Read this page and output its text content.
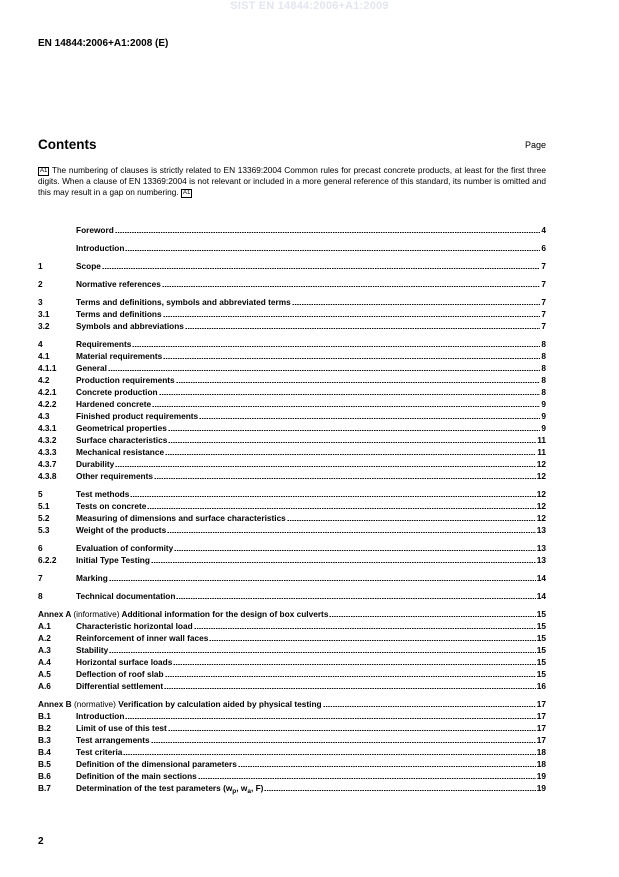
SIST EN 14844:2006+A1:2009
EN 14844:2006+A1:2008 (E)
Contents	Page
A1 The numbering of clauses is strictly related to EN 13369:2004 Common rules for precast concrete products, at least for the first three digits. When a clause of EN 13369:2004 is not relevant or included in a more general reference of this standard, its number is omitted and this may result in a gap on numbering. A1
Foreword	4
Introduction	6
1	Scope	7
2	Normative references	7
3	Terms and definitions, symbols and abbreviated terms	7
3.1	Terms and definitions	7
3.2	Symbols and abbreviations	7
4	Requirements	8
4.1	Material requirements	8
4.1.1	General	8
4.2	Production requirements	8
4.2.1	Concrete production	8
4.2.2	Hardened concrete	9
4.3	Finished product requirements	9
4.3.1	Geometrical properties	9
4.3.2	Surface characteristics	11
4.3.3	Mechanical resistance	11
4.3.7	Durability	12
4.3.8	Other requirements	12
5	Test methods	12
5.1	Tests on concrete	12
5.2	Measuring of dimensions and surface characteristics	12
5.3	Weight of the products	13
6	Evaluation of conformity	13
6.2.2	Initial Type Testing	13
7	Marking	14
8	Technical documentation	14
Annex A (informative) Additional information for the design of box culverts	15
A.1	Characteristic horizontal load	15
A.2	Reinforcement of inner wall faces	15
A.3	Stability	15
A.4	Horizontal surface loads	15
A.5	Deflection of roof slab	15
A.6	Differential settlement	16
Annex B (normative) Verification by calculation aided by physical testing	17
B.1	Introduction	17
B.2	Limit of use of this test	17
B.3	Test arrangements	17
B.4	Test criteria	18
B.5	Definition of the dimensional parameters	18
B.6	Definition of the main sections	19
B.7	Determination of the test parameters ($w_p$, $w_a$, F)	19
2
